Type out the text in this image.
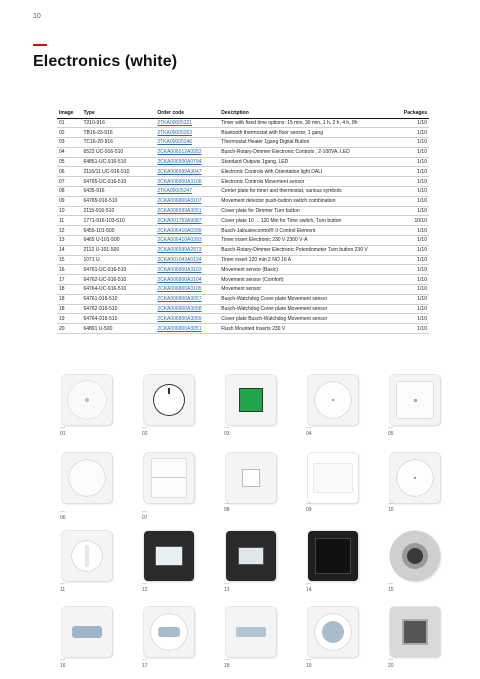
10
Electronics (white)
Image	Type	Order code	Description	Packages
01	T210-916	2TKA00005221	Timer with fixed time options: 15 min, 30 min, 1 h, 2 h, 4 h, 8h	1/10
02	TB16-23-916	2TKA00005263	Bluetooth thermostat with floor sensor, 1 gang	1/10
03	TC16-20-916	2TKA00005246	Thermostat Heater 1gang Digital Button	1/10
04	6523 UC-916-510	2CKA006512A0952	Busch-Rotary-Dimmer Electronic Controls , 2-100VA, LED	1/10
05	64851-UC-916-510	2CKA006500A0794	Standard Outputs 1gang, LED	1/10
06	2116/11 UC-916-510	2CKA006599A3047	Electronic Controls with Orientation light DALI	1/10
07	64765-UC-916-510	2CKA006800A3106	Electronic Controls Movement sensor	1/10
08	6435-916	2TKA00005247	Center plate for timer and thermostat, various symbols	1/10
09	64765-916-510	2CKA006800A3107	Movement detector push-button switch combination	1/10
10	2115-916-510	2CKA006599A3051	Cover plate for Dimmer Turn button	1/10
11	1771-916-103-510	2CKA001753A9987	Cover plate 10 ... 120 Min for Time switch, Turn button	10/10
12	6455-101-500	2CKA006410A0399	Busch-Jalousiecontrol® II Control Element	1/10
13	6465 U-101-500	2CKA006410A0393	Timer insert Electronic 230 V 2300 V·A	1/10
14	2112 U-101-500	2CKA006599A2873	Busch-Rotary-Dimmer Electronic Potentiometer Turn button 230 V	1/10
15	1071 U	2CKA001043A0124	Timer insert 120 min 2 NO 16 A	1/10
16	64761-UC-916-510	2CKA006800A3103	Movement sensor (Basic)	1/10
17	64762-UC-916-510	2CKA006800A3104	Movement sensor (Comfort)	1/10
18	64764-UC-916-510	2CKA006800A3105	Movement sensor	1/10
18	64761-916-510	2CKA006800A3057	Busch-Watchdog Cover plate Movement sensor	1/10
18	64762-916-510	2CKA006800A3058	Busch-Watchdog Cover plate Movement sensor	1/10
19	64764-916-510	2CKA006800A3059	Cover plate Busch-Watchdog Movement sensor	1/10
20	64891 U-500	2CKA006800A3051	Flush Mounted Inserts 230 V	1/10
— 01	— 02	— 03	— 04	— 05
— 06	— 07
— 08	— 09	— 10
— 11	— 12	— 13	— 14	— 15
— 16	— 17	— 18	— 19	— 20
